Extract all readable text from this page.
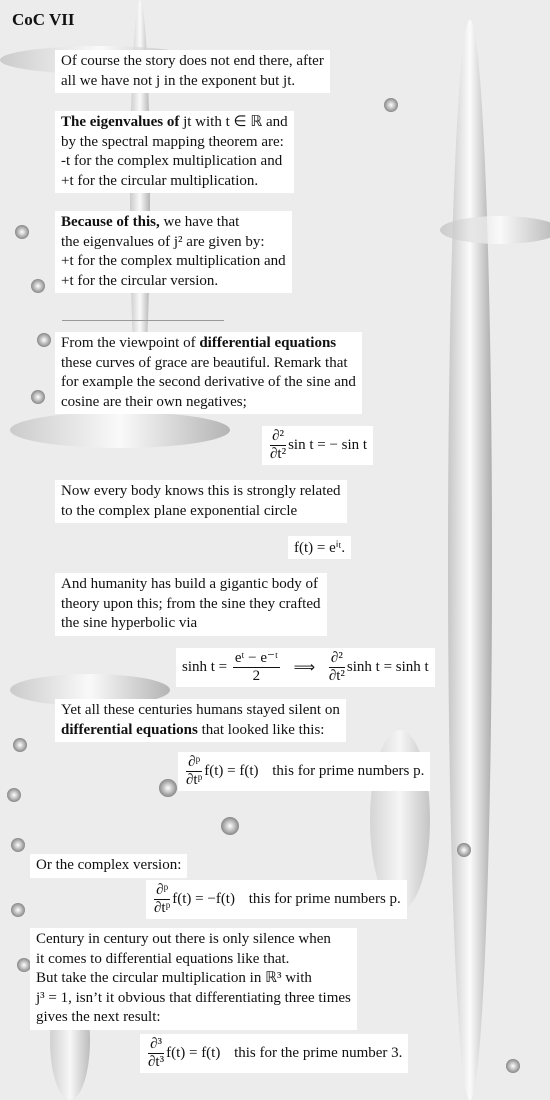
CoC VII
Of course the story does not end there, after
all we have not j in the exponent but jt.
The eigenvalues of jt with t ∈ ℝ and
by the spectral mapping theorem are:
-t for the complex multiplication and
+t for the circular multiplication.
Because of this, we have that
the eigenvalues of j² are given by:
+t for the complex multiplication and
+t for the circular version.
From the viewpoint of differential equations
these curves of grace are beautiful. Remark that
for example the second derivative of the sine and
cosine are their own negatives;
$\frac{\text{∂²}}{\text{∂t²}}$ sin t = − sin t
Now every body knows this is strongly related
to the complex plane exponential circle
f(t) = eⁱᵗ.
And humanity has build a gigantic body of
theory upon this; from the sine they crafted
the sine hyperbolic via
$\sinh t = \frac{\text{eᵗ − e⁻ᵗ}}{2}$ ⟹ $\frac{\text{∂²}}{\text{∂t²}}$ sinh t = sinh t
Yet all these centuries humans stayed silent on
differential equations that looked like this:
$\frac{\text{∂ᵖ}}{\text{∂tᵖ}} f(t) = f(t)$ this for prime numbers p.
Or the complex version:
$\frac{\text{∂ᵖ}}{\text{∂tᵖ}} f(t) = -f(t)$ this for prime numbers p.
Century in century out there is only silence when
it comes to differential equations like that.
But take the circular multiplication in ℝ³ with
j³ = 1, isn’t it obvious that differentiating three times
gives the next result:
$\frac{\text{∂³}}{\text{∂t³}} f(t) = f(t)$ this for the prime number 3.
